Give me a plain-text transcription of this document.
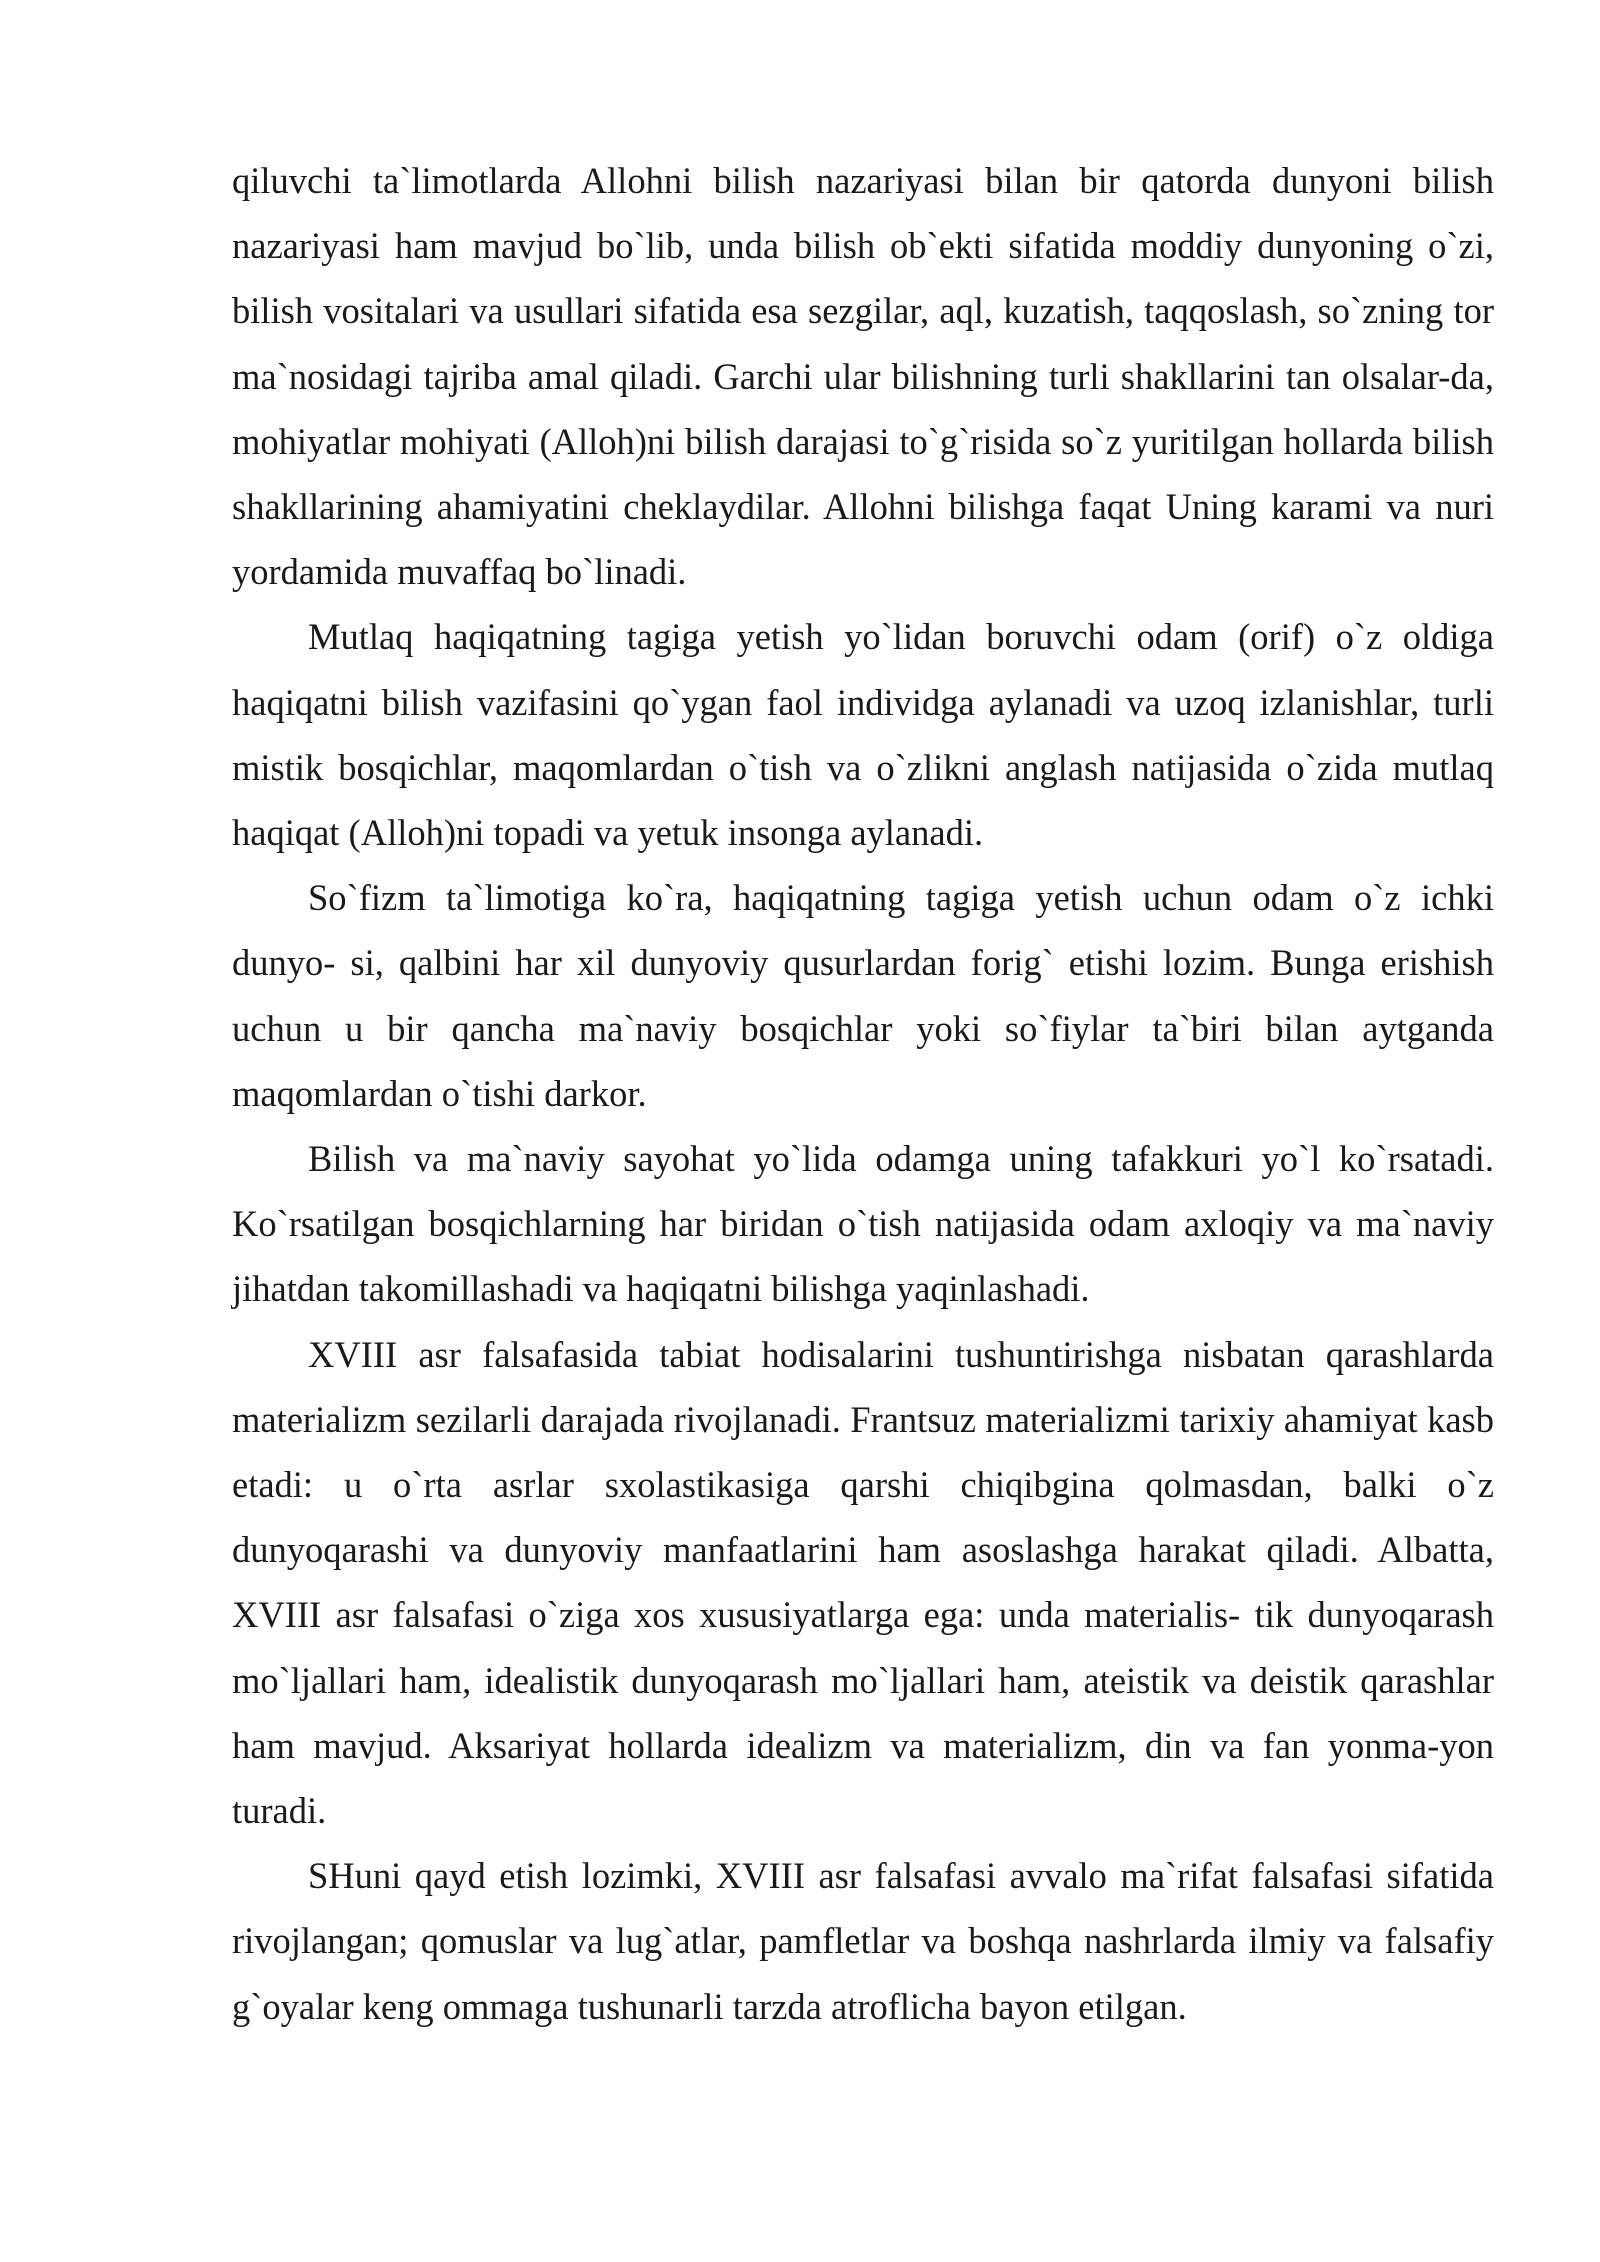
qiluvchi ta`limotlarda Allohni bilish nazariyasi bilan bir qatorda dunyoni bilish nazariyasi ham mavjud bo`lib, unda bilish ob`ekti sifatida moddiy dunyoning o`zi, bilish vositalari va usullari sifatida esa sezgilar, aql, kuzatish, taqqoslash, so`zning tor ma`nosidagi tajriba amal qiladi. Garchi ular bilishning turli shakllarini tan olsalar-da, mohiyatlar mohiyati (Alloh)ni bilish darajasi to`g`risida so`z yuritilgan hollarda bilish shakllarining ahamiyatini cheklaydilar. Allohni bilishga faqat Uning karami va nuri yordamida muvaffaq bo`linadi.

Mutlaq haqiqatning tagiga yetish yo`lidan boruvchi odam (orif) o`z oldiga haqiqatni bilish vazifasini qo`ygan faol individga aylanadi va uzoq izlanishlar, turli mistik bosqichlar, maqomlardan o`tish va o`zlikni anglash natijasida o`zida mutlaq haqiqat (Alloh)ni topadi va yetuk insonga aylanadi.

So`fizm ta`limotiga ko`ra, haqiqatning tagiga yetish uchun odam o`z ichki dunyo- si, qalbini har xil dunyoviy qusurlardan forig` etishi lozim. Bunga erishish uchun u bir qancha ma`naviy bosqichlar yoki so`fiylar ta`biri bilan aytganda maqomlardan o`tishi darkor.

Bilish va ma`naviy sayohat yo`lida odamga uning tafakkuri yo`l ko`rsatadi. Ko`rsatilgan bosqichlarning har biridan o`tish natijasida odam axloqiy va ma`naviy jihatdan takomillashadi va haqiqatni bilishga yaqinlashadi.

XVIII asr falsafasida tabiat hodisalarini tushuntirishga nisbatan qarashlarda materializm sezilarli darajada rivojlanadi. Frantsuz materializmi tarixiy ahamiyat kasb etadi: u o`rta asrlar sxolastikasiga qarshi chiqibgina qolmasdan, balki o`z dunyoqarashi va dunyoviy manfaatlarini ham asoslashga harakat qiladi. Albatta, XVIII asr falsafasi o`ziga xos xususiyatlarga ega: unda materialis- tik dunyoqarash mo`ljallari ham, idealistik dunyoqarash mo`ljallari ham, ateistik va deistik qarashlar ham mavjud. Aksariyat hollarda idealizm va materializm, din va fan yonma-yon turadi.

SHuni qayd etish lozimki, XVIII asr falsafasi avvalo ma`rifat falsafasi sifatida rivojlangan; qomuslar va lug`atlar, pamfletlar va boshqa nashrlarda ilmiy va falsafiy g`oyalar keng ommaga tushunarli tarzda atroflicha bayon etilgan.
